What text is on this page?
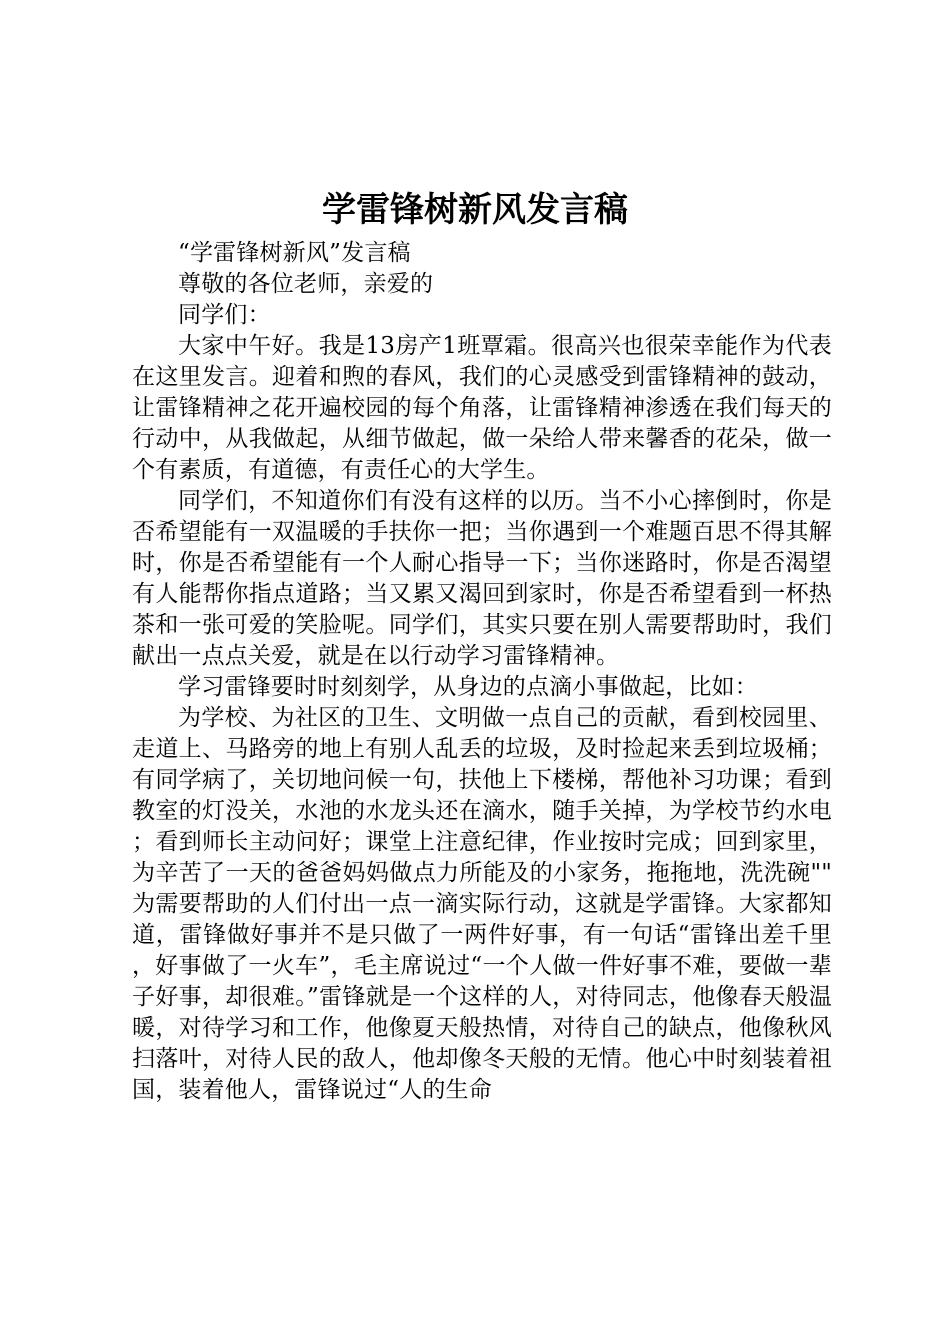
学雷锋树新风发言稿

“学雷锋树新风”发言稿

尊敬的各位老师，亲爱的

同学们：

大家中午好。我是13房产1班覃霜。很高兴也很荣幸能作为代表在这里发言。迎着和煦的春风，我们的心灵感受到雷锋精神的鼓动，让雷锋精神之花开遍校园的每个角落，让雷锋精神渗透在我们每天的行动中，从我做起，从细节做起，做一朵给人带来馨香的花朵，做一个有素质，有道德，有责任心的大学生。

同学们，不知道你们有没有这样的以历。当不小心摔倒时，你是否希望能有一双温暖的手扶你一把；当你遇到一个难题百思不得其解时，你是否希望能有一个人耐心指导一下；当你迷路时，你是否渴望有人能帮你指点道路；当又累又渴回到家时，你是否希望看到一杯热茶和一张可爱的笑脸呢。同学们，其实只要在别人需要帮助时，我们献出一点点关爱，就是在以行动学习雷锋精神。

学习雷锋要时时刻刻学，从身边的点滴小事做起，比如：

为学校、为社区的卫生、文明做一点自己的贡献，看到校园里、走道上、马路旁的地上有别人乱丢的垃圾，及时捡起来丢到垃圾桶；有同学病了，关切地问候一句，扶他上下楼梯，帮他补习功课；看到教室的灯没关，水池的水龙头还在滴水，随手关掉，为学校节约水电；看到师长主动问好；课堂上注意纪律，作业按时完成；回到家里，为辛苦了一天的爸爸妈妈做点力所能及的小家务，拖拖地，洗洗碗""为需要帮助的人们付出一点一滴实际行动，这就是学雷锋。大家都知道，雷锋做好事并不是只做了一两件好事，有一句话“雷锋出差千里，好事做了一火车”，毛主席说过“一个人做一件好事不难，要做一辈子好事，却很难。”雷锋就是一个这样的人，对待同志，他像春天般温暖，对待学习和工作，他像夏天般热情，对待自己的缺点，他像秋风扫落叶，对待人民的敌人，他却像冬天般的无情。他心中时刻装着祖国，装着他人，雷锋说过“人的生命
